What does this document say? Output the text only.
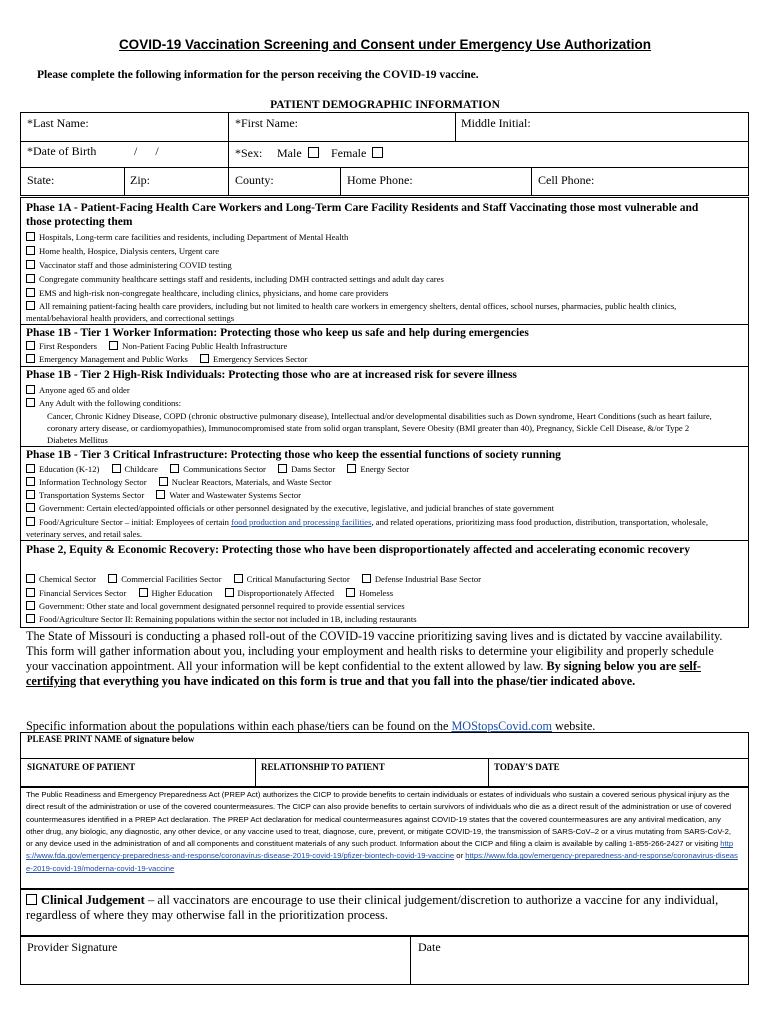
COVID-19 Vaccination Screening and Consent under Emergency Use Authorization
Please complete the following information for the person receiving the COVID-19 vaccine.
PATIENT DEMOGRAPHIC INFORMATION
*Last Name:	*First Name:	Middle Initial:
*Date of Birth	/      /	*Sex: Male	Female
State:	Zip:	County:	Home Phone:	Cell Phone:
Phase 1A - Patient-Facing Health Care Workers and Long-Term Care Facility Residents and Staff Vaccinating those most vulnerable and those protecting them
Hospitals, Long-term care facilities and residents, including Department of Mental Health
Home health, Hospice, Dialysis centers, Urgent care
Vaccinator staff and those administering COVID testing
Congregate community healthcare settings staff and residents, including DMH contracted settings and adult day cares
EMS and high-risk non-congregate healthcare, including clinics, physicians, and home care providers
All remaining patient-facing health care providers, including but not limited to health care workers in emergency shelters, dental offices, school nurses, pharmacies, public health clinics, mental/behavioral health providers, and correctional settings
Phase 1B - Tier 1 Worker Information: Protecting those who keep us safe and help during emergencies
First Responders	Non-Patient Facing Public Health Infrastructure
Emergency Management and Public Works	Emergency Services Sector
Phase 1B - Tier 2 High-Risk Individuals: Protecting those who are at increased risk for severe illness
Anyone aged 65 and older
Any Adult with the following conditions:
Cancer, Chronic Kidney Disease, COPD (chronic obstructive pulmonary disease), Intellectual and/or developmental disabilities such as Down syndrome, Heart Conditions (such as heart failure, coronary artery disease, or cardiomyopathies), Immunocompromised state from solid organ transplant, Severe Obesity (BMI greater than 40), Pregnancy, Sickle Cell Disease, &/or Type 2 Diabetes Mellitus
Phase 1B - Tier 3 Critical Infrastructure: Protecting those who keep the essential functions of society running
Education (K-12)	Childcare	Communications Sector	Dams Sector	Energy Sector
Information Technology Sector	Nuclear Reactors, Materials, and Waste Sector
Transportation Systems Sector	Water and Wastewater Systems Sector
Government: Certain elected/appointed officials or other personnel designated by the executive, legislative, and judicial branches of state government
Food/Agriculture Sector – initial: Employees of certain food production and processing facilities, and related operations, prioritizing mass food production, distribution, transportation, wholesale, veterinary serves, and retail sales.
Phase 2, Equity & Economic Recovery: Protecting those who have been disproportionately affected and accelerating economic recovery
Chemical Sector	Commercial Facilities Sector	Critical Manufacturing Sector	Defense Industrial Base Sector
Financial Services Sector	Higher Education	Disproportionately Affected	Homeless
Government: Other state and local government designated personnel required to provide essential services
Food/Agriculture Sector II: Remaining populations within the sector not included in 1B, including restaurants
The State of Missouri is conducting a phased roll-out of the COVID-19 vaccine prioritizing saving lives and is dictated by vaccine availability. This form will gather information about you, including your employment and health risks to determine your eligibility and properly schedule your vaccination appointment. All your information will be kept confidential to the extent allowed by law. By signing below you are self-certifying that everything you have indicated on this form is true and that you fall into the phase/tier indicated above.
Specific information about the populations within each phase/tiers can be found on the MOStopsCovid.com website.
PLEASE PRINT NAME of signature below
SIGNATURE OF PATIENT	RELATIONSHIP TO PATIENT	TODAY'S DATE
The Public Readiness and Emergency Preparedness Act (PREP Act) authorizes the CICP to provide benefits to certain individuals or estates of individuals who sustain a covered serious physical injury as the direct result of the administration or use of the covered countermeasures. The CICP can also provide benefits to certain survivors of individuals who die as a direct result of the administration or use of covered countermeasures identified in a PREP Act declaration. The PREP Act declaration for medical countermeasures against COVID-19 states that the covered countermeasures are any antiviral medication, any other drug, any biologic, any diagnostic, any other device, or any vaccine used to treat, diagnose, cure, prevent, or mitigate COVID-19, the transmission of SARS-CoV–2 or a virus mutating from SARS-CoV-2, or any device used in the administration of and all components and constituent materials of any such product. Information about the CICP and filing a claim is available by calling 1-855-266-2427 or visiting https://www.fda.gov/emergency-preparedness-and-response/coronavirus-disease-2019-covid-19/pfizer-biontech-covid-19-vaccine or https://www.fda.gov/emergency-preparedness-and-response/coronavirus-disease-2019-covid-19/moderna-covid-19-vaccine
Clinical Judgement – all vaccinators are encourage to use their clinical judgement/discretion to authorize a vaccine for any individual, regardless of where they may otherwise fall in the prioritization process.
Provider Signature	Date
